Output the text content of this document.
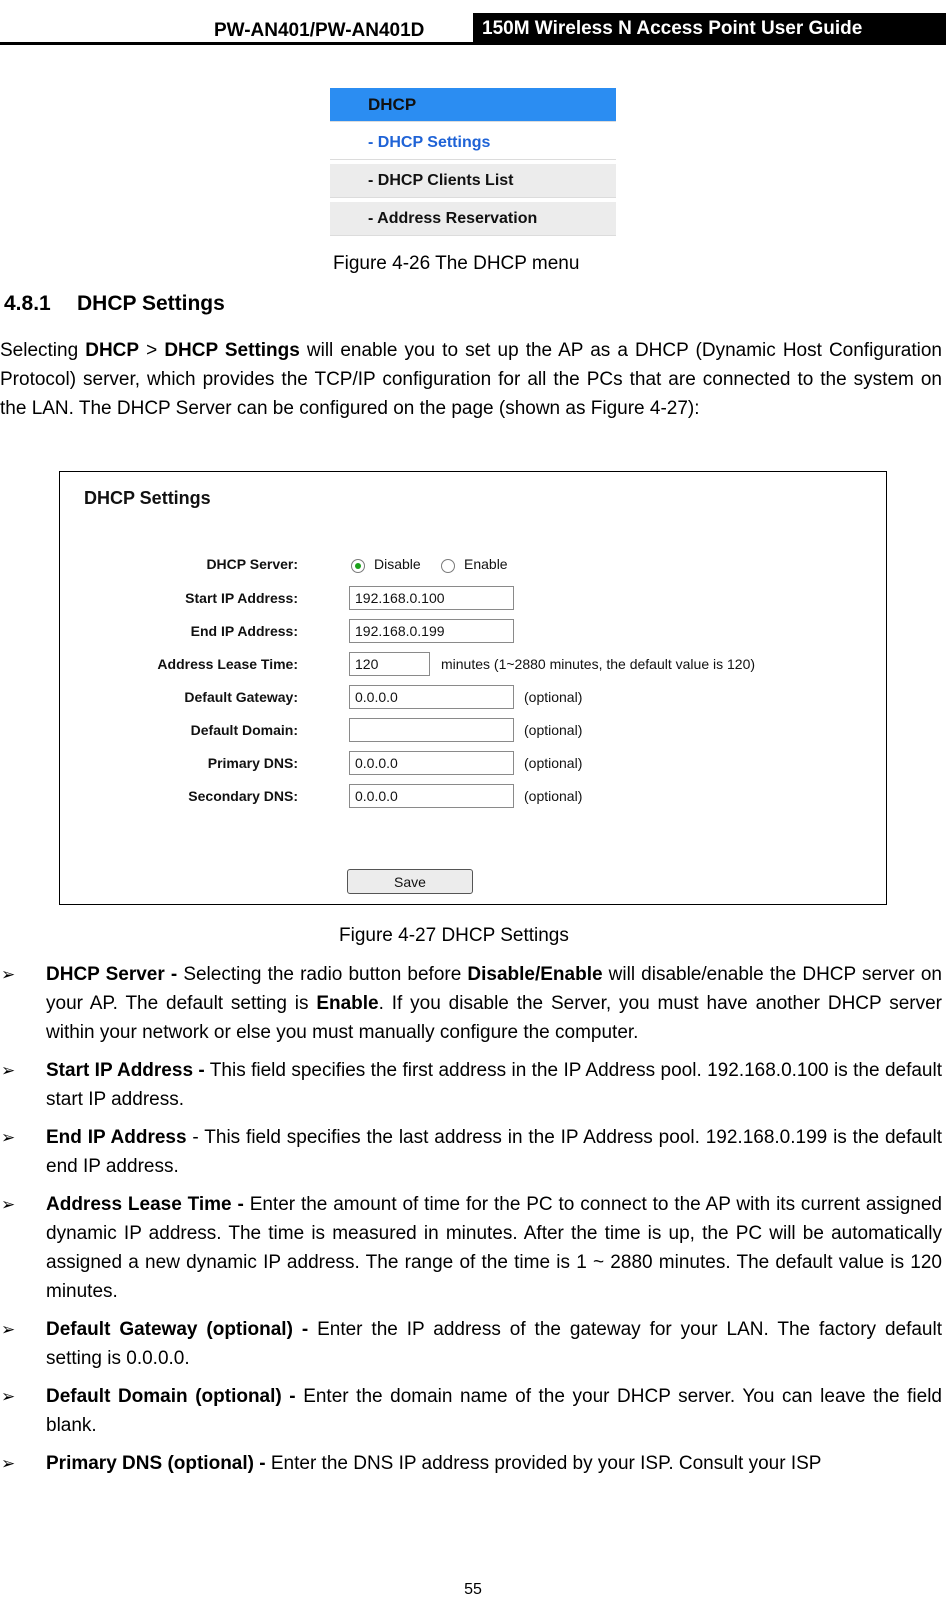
PW-AN401/PW-AN401D	150M Wireless N Access Point User Guide
DHCP
- DHCP Settings
- DHCP Clients List
- Address Reservation
Figure 4-26 The DHCP menu
4.8.1 DHCP Settings
Selecting DHCP > DHCP Settings will enable you to set up the AP as a DHCP (Dynamic Host Configuration Protocol) server, which provides the TCP/IP configuration for all the PCs that are connected to the system on the LAN. The DHCP Server can be configured on the page (shown as Figure 4-27):
DHCP Settings
DHCP Server:	Disable	Enable
Start IP Address:	192.168.0.100
End IP Address:	192.168.0.199
Address Lease Time:	120	minutes (1~2880 minutes, the default value is 120)
Default Gateway:	0.0.0.0	(optional)
Default Domain:	(optional)
Primary DNS:	0.0.0.0	(optional)
Secondary DNS:	0.0.0.0	(optional)
Save
Figure 4-27 DHCP Settings
➢ DHCP Server - Selecting the radio button before Disable/Enable will disable/enable the DHCP server on your AP. The default setting is Enable. If you disable the Server, you must have another DHCP server within your network or else you must manually configure the computer.
➢ Start IP Address - This field specifies the first address in the IP Address pool. 192.168.0.100 is the default start IP address.
➢ End IP Address - This field specifies the last address in the IP Address pool. 192.168.0.199 is the default end IP address.
➢ Address Lease Time - Enter the amount of time for the PC to connect to the AP with its current assigned dynamic IP address. The time is measured in minutes. After the time is up, the PC will be automatically assigned a new dynamic IP address. The range of the time is 1 ~ 2880 minutes. The default value is 120 minutes.
➢ Default Gateway (optional) - Enter the IP address of the gateway for your LAN. The factory default setting is 0.0.0.0.
➢ Default Domain (optional) - Enter the domain name of the your DHCP server. You can leave the field blank.
➢ Primary DNS (optional) - Enter the DNS IP address provided by your ISP. Consult your ISP
55
